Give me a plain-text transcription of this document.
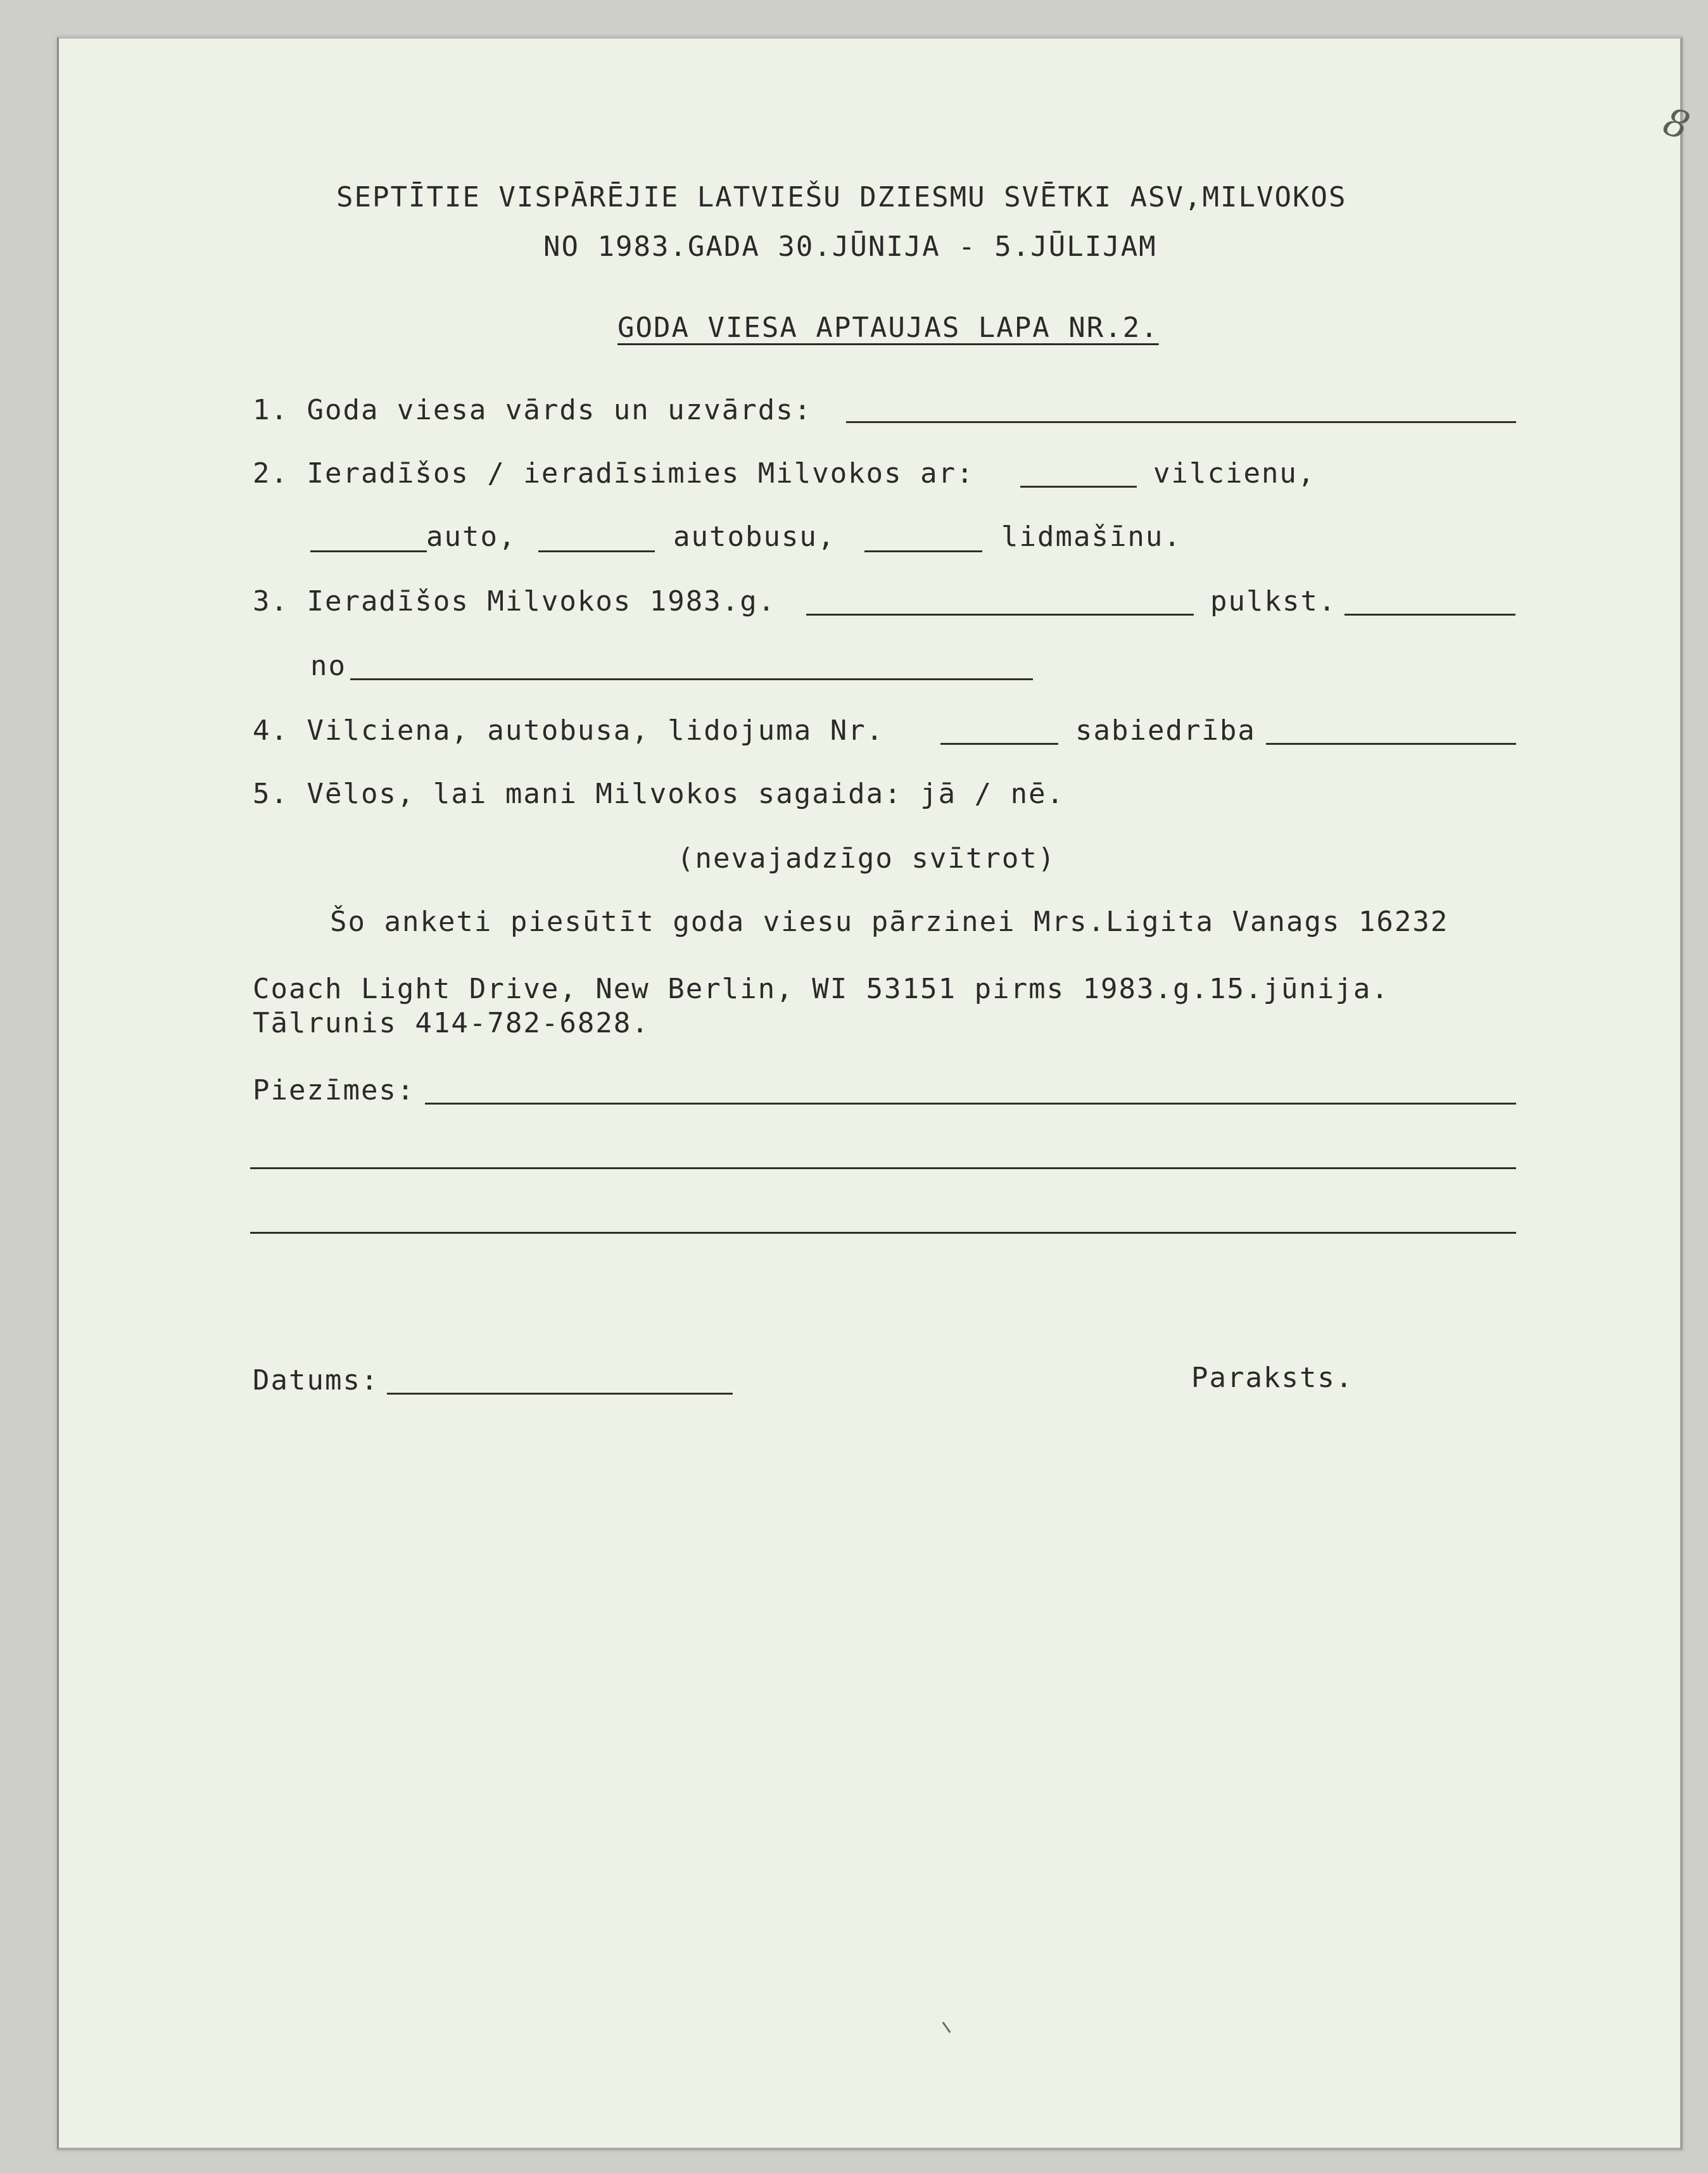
8
SEPTĪTIE VISPĀRĒJIE LATVIEŠU DZIESMU SVĒTKI ASV,MILVOKOS
NO 1983.GADA 30.JŪNIJA - 5.JŪLIJAM
GODA VIESA APTAUJAS LAPA NR.2.
1. Goda viesa vārds un uzvārds:
2. Ieradīšos / ieradīsimies Milvokos ar:	vilcienu,
auto,	autobusu,	lidmašīnu.
3. Ieradīšos Milvokos 1983.g.	pulkst.
no
4. Vilciena, autobusa, lidojuma Nr.	sabiedrība
5. Vēlos, lai mani Milvokos sagaida: jā / nē.
(nevajadzīgo svītrot)
Šo anketi piesūtīt goda viesu pārzinei Mrs.Ligita Vanags 16232
Coach Light Drive, New Berlin, WI 53151 pirms 1983.g.15.jūnija.
Tālrunis 414-782-6828.
Piezīmes:
Datums:	Paraksts.
